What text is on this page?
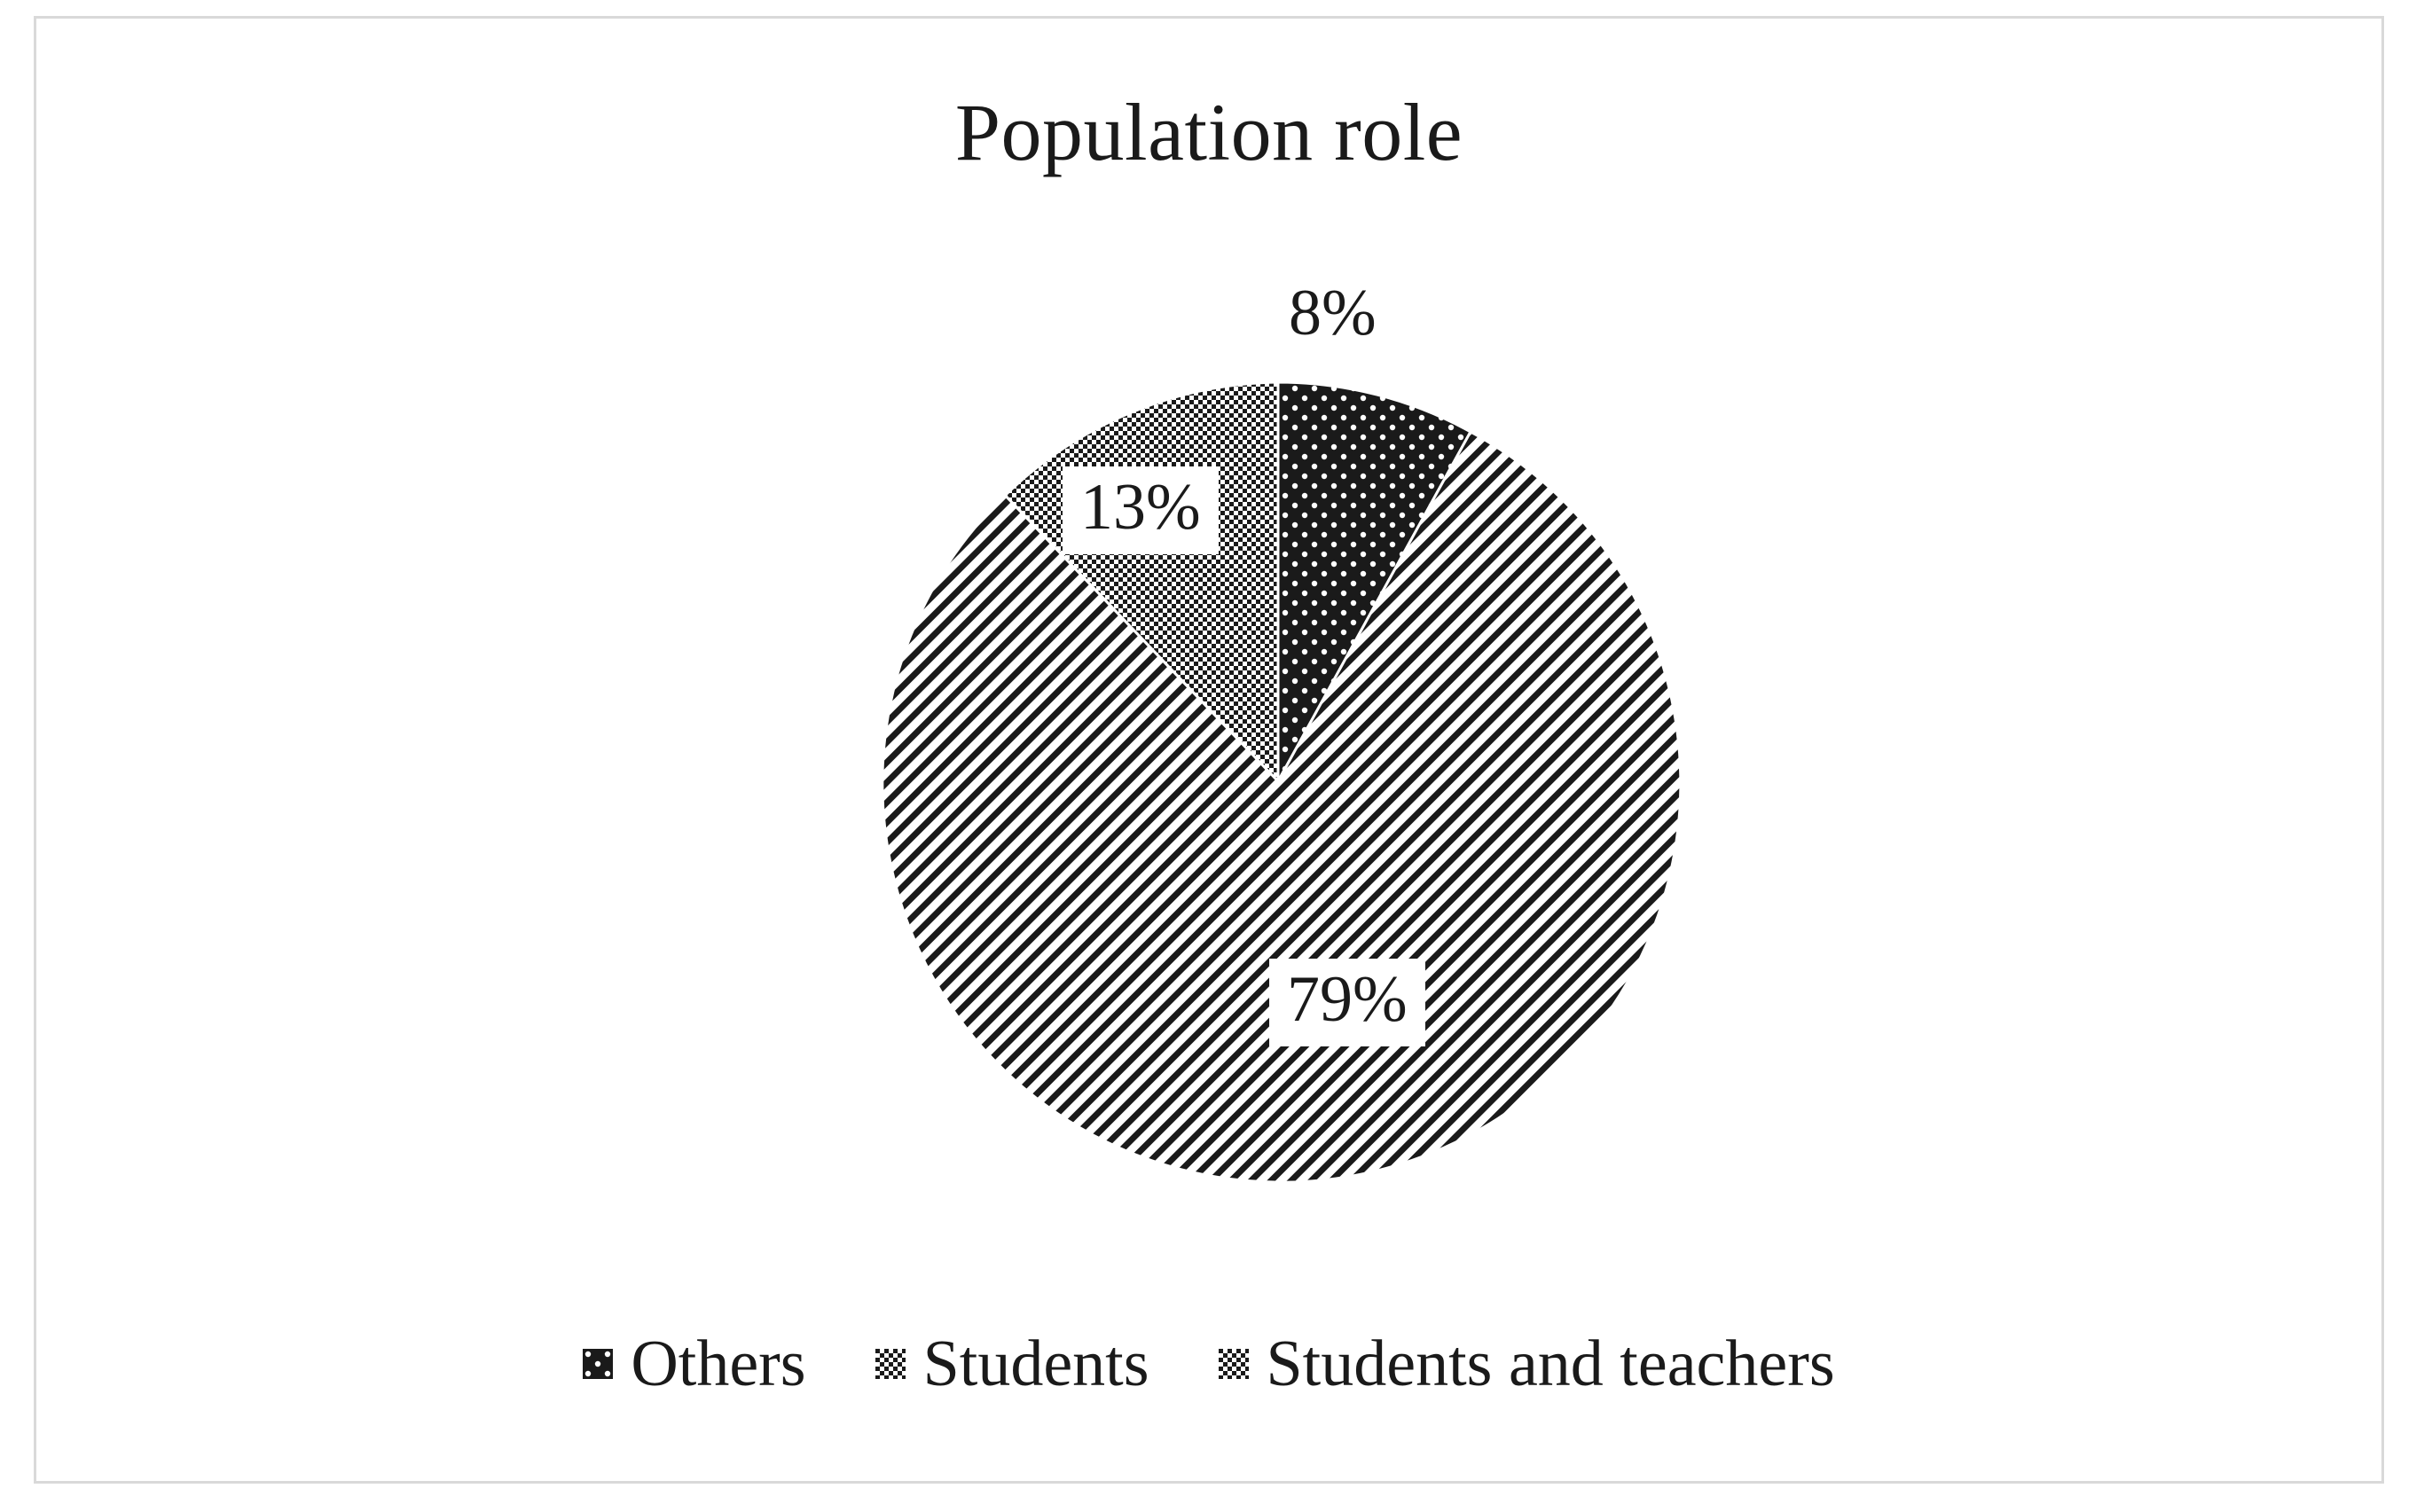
Population role
8%
13%
79%
Others Students Students and teachers
